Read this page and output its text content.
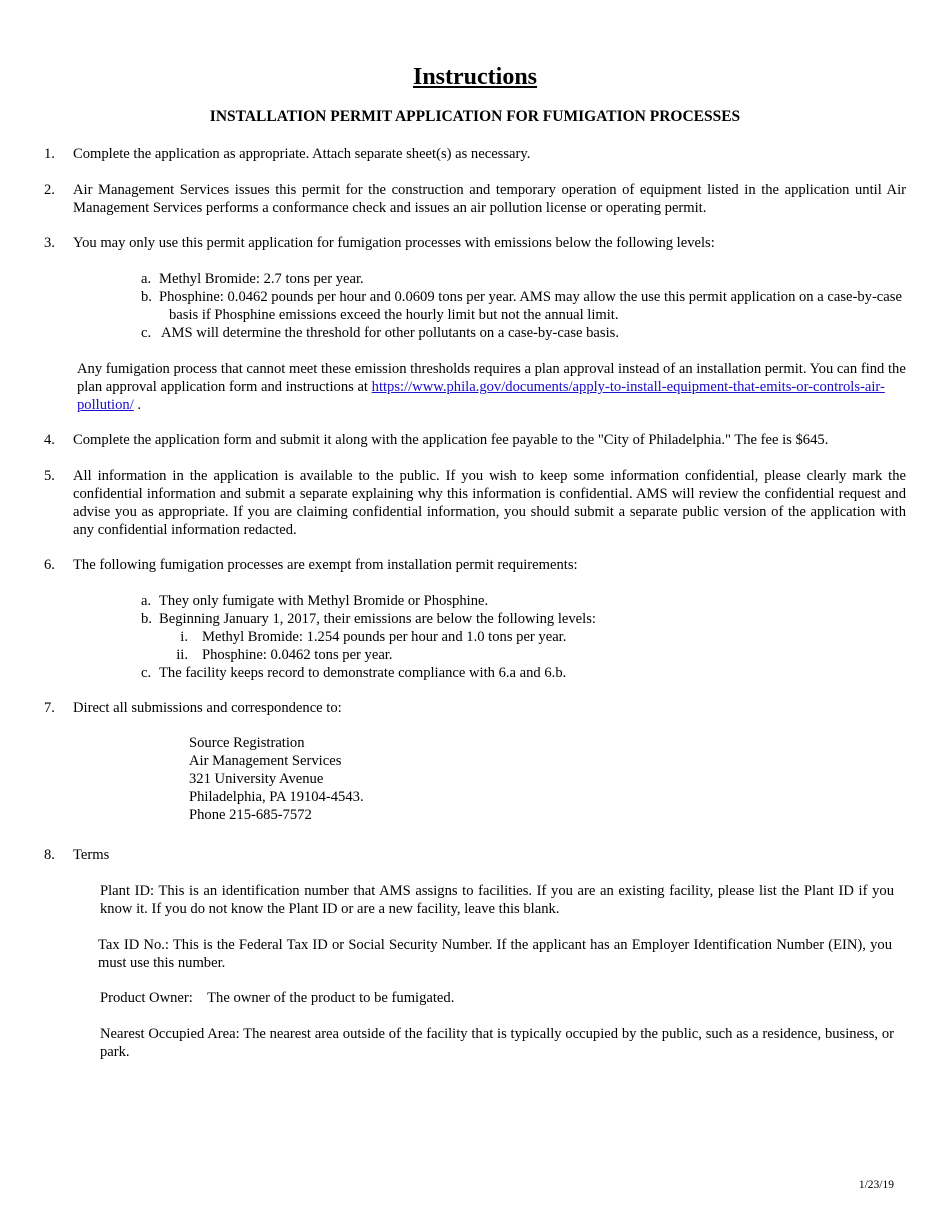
Instructions
INSTALLATION PERMIT APPLICATION FOR FUMIGATION PROCESSES
1. Complete the application as appropriate. Attach separate sheet(s) as necessary.
2. Air Management Services issues this permit for the construction and temporary operation of equipment listed in the application until Air Management Services performs a conformance check and issues an air pollution license or operating permit.
3. You may only use this permit application for fumigation processes with emissions below the following levels:
a. Methyl Bromide: 2.7 tons per year.
b. Phosphine: 0.0462 pounds per hour and 0.0609 tons per year. AMS may allow the use this permit application on a case-by-case basis if Phosphine emissions exceed the hourly limit but not the annual limit.
c. AMS will determine the threshold for other pollutants on a case-by-case basis.
Any fumigation process that cannot meet these emission thresholds requires a plan approval instead of an installation permit. You can find the plan approval application form and instructions at https://www.phila.gov/documents/apply-to-install-equipment-that-emits-or-controls-air-pollution/ .
4. Complete the application form and submit it along with the application fee payable to the "City of Philadelphia." The fee is $645.
5. All information in the application is available to the public. If you wish to keep some information confidential, please clearly mark the confidential information and submit a separate explaining why this information is confidential. AMS will review the confidential request and advise you as appropriate. If you are claiming confidential information, you should submit a separate public version of the application with any confidential information redacted.
6. The following fumigation processes are exempt from installation permit requirements:
a. They only fumigate with Methyl Bromide or Phosphine.
b. Beginning January 1, 2017, their emissions are below the following levels:
i. Methyl Bromide: 1.254 pounds per hour and 1.0 tons per year.
ii. Phosphine: 0.0462 tons per year.
c. The facility keeps record to demonstrate compliance with 6.a and 6.b.
7. Direct all submissions and correspondence to:
Source Registration
Air Management Services
321 University Avenue
Philadelphia, PA 19104-4543.
Phone 215-685-7572
8. Terms
Plant ID: This is an identification number that AMS assigns to facilities. If you are an existing facility, please list the Plant ID if you know it. If you do not know the Plant ID or are a new facility, leave this blank.
Tax ID No.: This is the Federal Tax ID or Social Security Number. If the applicant has an Employer Identification Number (EIN), you must use this number.
Product Owner:    The owner of the product to be fumigated.
Nearest Occupied Area: The nearest area outside of the facility that is typically occupied by the public, such as a residence, business, or park.
1/23/19
